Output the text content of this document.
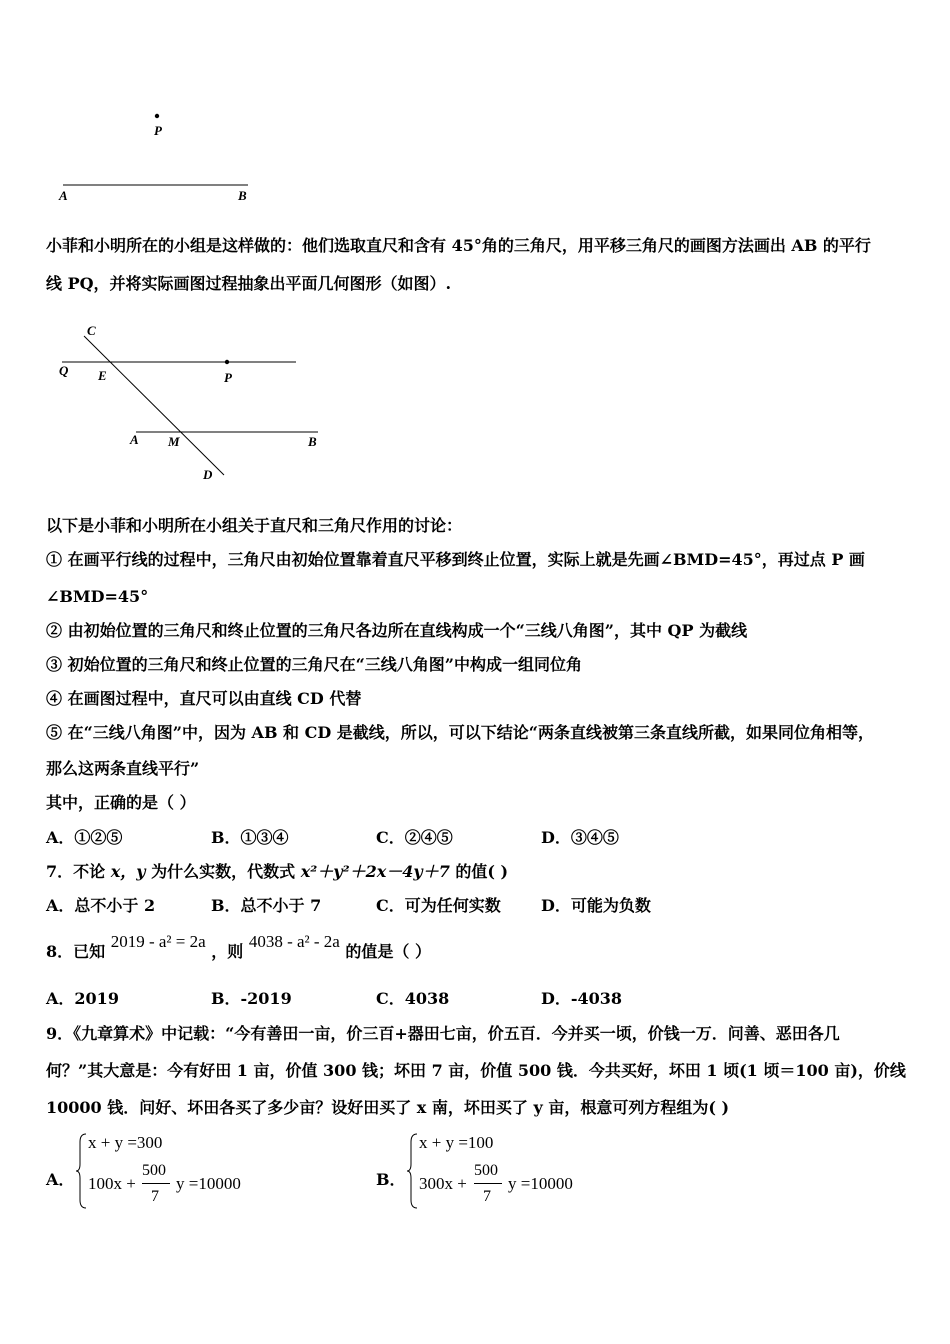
P
A	B
小菲和小明所在的小组是这样做的：他们选取直尺和含有 45°角的三角尺，用平移三角尺的画图方法画出 AB 的平行
线 PQ，并将实际画图过程抽象出平面几何图形（如图）.
C
Q E	P
A M	B
D
以下是小菲和小明所在小组关于直尺和三角尺作用的讨论：
① 在画平行线的过程中，三角尺由初始位置靠着直尺平移到终止位置，实际上就是先画∠BMD=45°，再过点 P 画
∠BMD=45°
② 由初始位置的三角尺和终止位置的三角尺各边所在直线构成一个“三线八角图”，其中 QP 为截线
③ 初始位置的三角尺和终止位置的三角尺在“三线八角图”中构成一组同位角
④ 在画图过程中，直尺可以由直线 CD 代替
⑤ 在“三线八角图”中，因为 AB 和 CD 是截线，所以，可以下结论“两条直线被第三条直线所截，如果同位角相等，
那么这两条直线平行”
其中，正确的是（ ）
A．①②⑤	B．①③④	C．②④⑤	D．③④⑤
7．不论 x，y 为什么实数，代数式 x²＋y²＋2x－4y＋7 的值( )
A．总不小于 2	B．总不小于 7	C．可为任何实数	D．可能为负数
8．已知 2019 - a² = 2a ，则 4038 - a² - 2a 的值是（ ）
A．2019	B．-2019	C．4038	D．-4038
9．《九章算术》中记载：“今有善田一亩，价三百+器田七亩，价五百．今并买一顷，价钱一万．问善、恶田各几
何？”其大意是：今有好田 1 亩，价值 300 钱；坏田 7 亩，价值 500 钱．今共买好，坏田 1 顷(1 顷＝100 亩)，价线
10000 钱．问好、坏田各买了多少亩？设好田买了 x 南，坏田买了 y 亩，根意可列方程组为( )
A．
x + y =300
100x +
500
7
y =10000	B．
x + y =100
300x +
500
7
y =10000
